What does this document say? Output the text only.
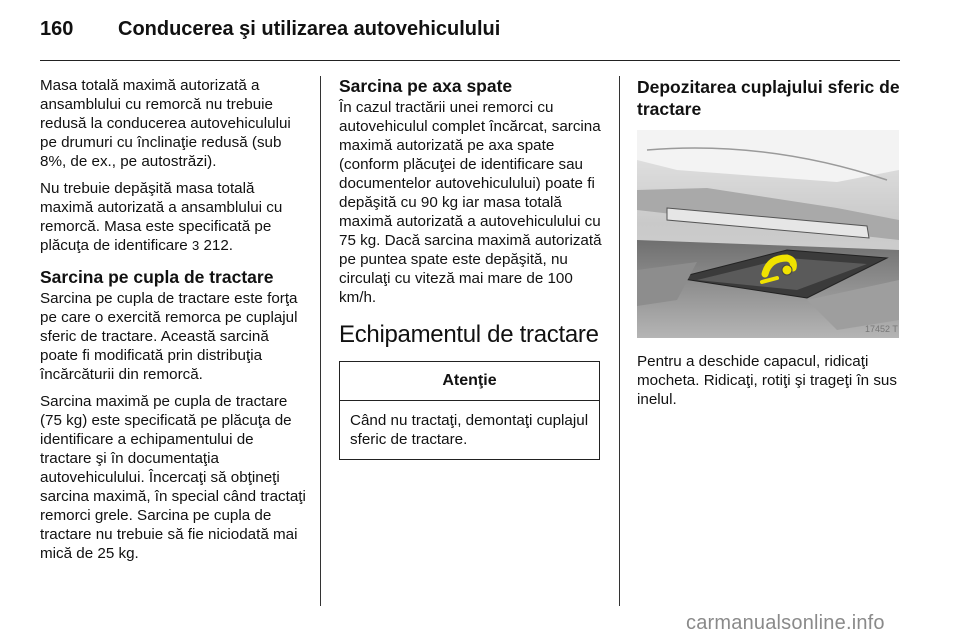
160 Conducerea şi utilizarea autovehiculului

Masa totală maximă autorizată a ansamblului cu remorcă nu trebuie redusă la conducerea autovehiculului pe drumuri cu înclinaţie redusă (sub 8%, de ex., pe autostrăzi).

Nu trebuie depăşită masa totală maximă autorizată a ansamblului cu remorcă. Masa este specificată pe plăcuţa de identificare 3 212.

Sarcina pe cupla de tractare

Sarcina pe cupla de tractare este forţa pe care o exercită remorca pe cuplajul sferic de tractare. Această sarcină poate fi modificată prin distribuţia încărcăturii din remorcă.

Sarcina maximă pe cupla de tractare (75 kg) este specificată pe plăcuţa de identificare a echipamentului de tractare şi în documentaţia autovehiculului. Încercaţi să obţineţi sarcina maximă, în special când tractaţi remorci grele. Sarcina pe cupla de tractare nu trebuie să fie niciodată mai mică de 25 kg.

Sarcina pe axa spate

În cazul tractării unei remorci cu autovehiculul complet încărcat, sarcina maximă autorizată pe axa spate (conform plăcuţei de identificare sau documentelor autovehiculului) poate fi depăşită cu 90 kg iar masa totală maximă autorizată a autovehiculului cu 75 kg. Dacă sarcina maximă autorizată pe puntea spate este depăşită, nu circulaţi cu viteză mai mare de 100 km/h.

Echipamentul de tractare
Atenţie
Când nu tractaţi, demontaţi cuplajul sferic de tractare.
Depozitarea cuplajului sferic de tractare
17452 T

Pentru a deschide capacul, ridicaţi mocheta. Ridicaţi, rotiţi şi trageţi în sus inelul.

carmanualsonline.info
